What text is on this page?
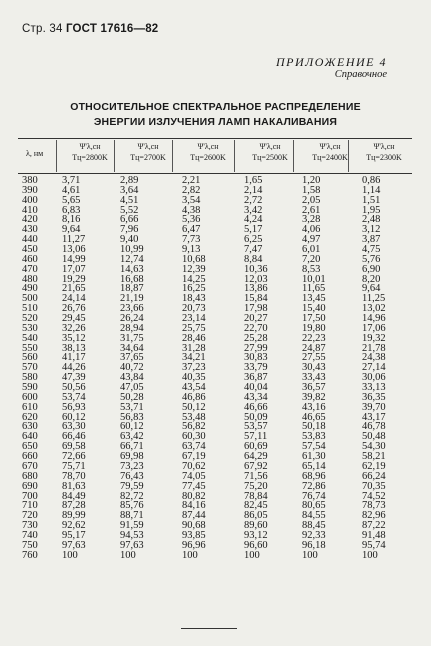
Стр. 34 ГОСТ 17616—82
ПРИЛОЖЕНИЕ 4
Справочное
ОТНОСИТЕЛЬНОЕ СПЕКТРАЛЬНОЕ РАСПРЕДЕЛЕНИЕ
ЭНЕРГИИ ИЗЛУЧЕНИЯ ЛАМП НАКАЛИВАНИЯ
λ, нм
380
390
400
410
420
430
440
450
460
470
480
490
500
510
520
530
540
550
560
570
580
590
600
610
620
630
640
650
660
670
680
690
700
710
720
730
740
750
760
Ψ'λ,сн
Tц=2800K
3,71
4,61
5,65
6,83
8,16
9,64
11,27
13,06
14,99
17,07
19,29
21,65
24,14
26,76
29,45
32,26
35,12
38,13
41,17
44,26
47,39
50,56
53,74
56,93
60,12
63,30
66,46
69,58
72,66
75,71
78,70
81,63
84,49
87,28
89,99
92,62
95,17
97,63
100
Ψ'λ,сн
Tц=2700K
2,89
3,64
4,51
5,52
6,66
7,96
9,40
10,99
12,74
14,63
16,68
18,87
21,19
23,66
26,24
28,94
31,75
34,64
37,65
40,72
43,84
47,05
50,28
53,71
56,83
60,12
63,42
66,71
69,98
73,23
76,43
79,59
82,72
85,76
88,71
91,59
94,53
97,63
100
Ψ'λ,сн
Tц=2600K
2,21
2,82
3,54
4,38
5,36
6,47
7,73
9,13
10,68
12,39
14,25
16,25
18,43
20,73
23,14
25,75
28,46
31,28
34,21
37,23
40,35
43,54
46,86
50,12
53,48
56,82
60,30
63,74
67,19
70,62
74,05
77,45
80,82
84,16
87,44
90,68
93,85
96,96
100
Ψ'λ,сн
Tц=2500K
1,65
2,14
2,72
3,42
4,24
5,17
6,25
7,47
8,84
10,36
12,03
13,86
15,84
17,98
20,27
22,70
25,28
27,99
30,83
33,79
36,87
40,04
43,34
46,66
50,09
53,57
57,11
60,69
64,29
67,92
71,56
75,20
78,84
82,45
86,05
89,60
93,12
96,60
100
Ψ'λ,сн
Tц=2400K
1,20
1,58
2,05
2,61
3,28
4,06
4,97
6,01
7,20
8,53
10,01
11,65
13,45
15,40
17,50
19,80
22,23
24,87
27,55
30,43
33,43
36,57
39,82
43,16
46,65
50,18
53,83
57,54
61,30
65,14
68,96
72,86
76,74
80,65
84,55
88,45
92,33
96,18
100
Ψ'λ,сн
Tц=2300K
0,86
1,14
1,51
1,95
2,48
3,12
3,87
4,75
5,76
6,90
8,20
9,64
11,25
13,02
14,96
17,06
19,32
21,78
24,38
27,14
30,06
33,13
36,35
39,70
43,17
46,78
50,48
54,30
58,21
62,19
66,24
70,35
74,52
78,73
82,96
87,22
91,48
95,74
100
